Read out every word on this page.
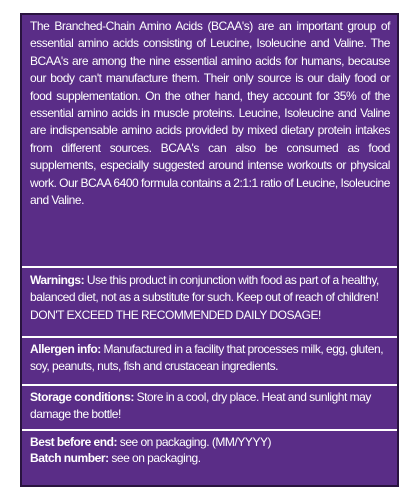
The Branched-Chain Amino Acids (BCAA's) are an important group of essential amino acids consisting of Leucine, Isoleucine and Valine. The BCAA's are among the nine essential amino acids for humans, because our body can't manufacture them. Their only source is our daily food or food supplementation. On the other hand, they account for 35% of the essential amino acids in muscle proteins. Leucine, Isoleucine and Valine are indispensable amino acids provided by mixed dietary protein intakes from different sources. BCAA's can also be consumed as food supplements, especially suggested around intense workouts or physical work. Our BCAA 6400 formula contains a 2:1:1 ratio of Leucine, Isoleucine and Valine.
Warnings: Use this product in conjunction with food as part of a healthy, balanced diet, not as a substitute for such. Keep out of reach of children! DON'T EXCEED THE RECOMMENDED DAILY DOSAGE!
Allergen info: Manufactured in a facility that processes milk, egg, gluten, soy, peanuts, nuts, fish and crustacean ingredients.
Storage conditions: Store in a cool, dry place. Heat and sunlight may damage the bottle!
Best before end: see on packaging. (MM/YYYY)
Batch number: see on packaging.
